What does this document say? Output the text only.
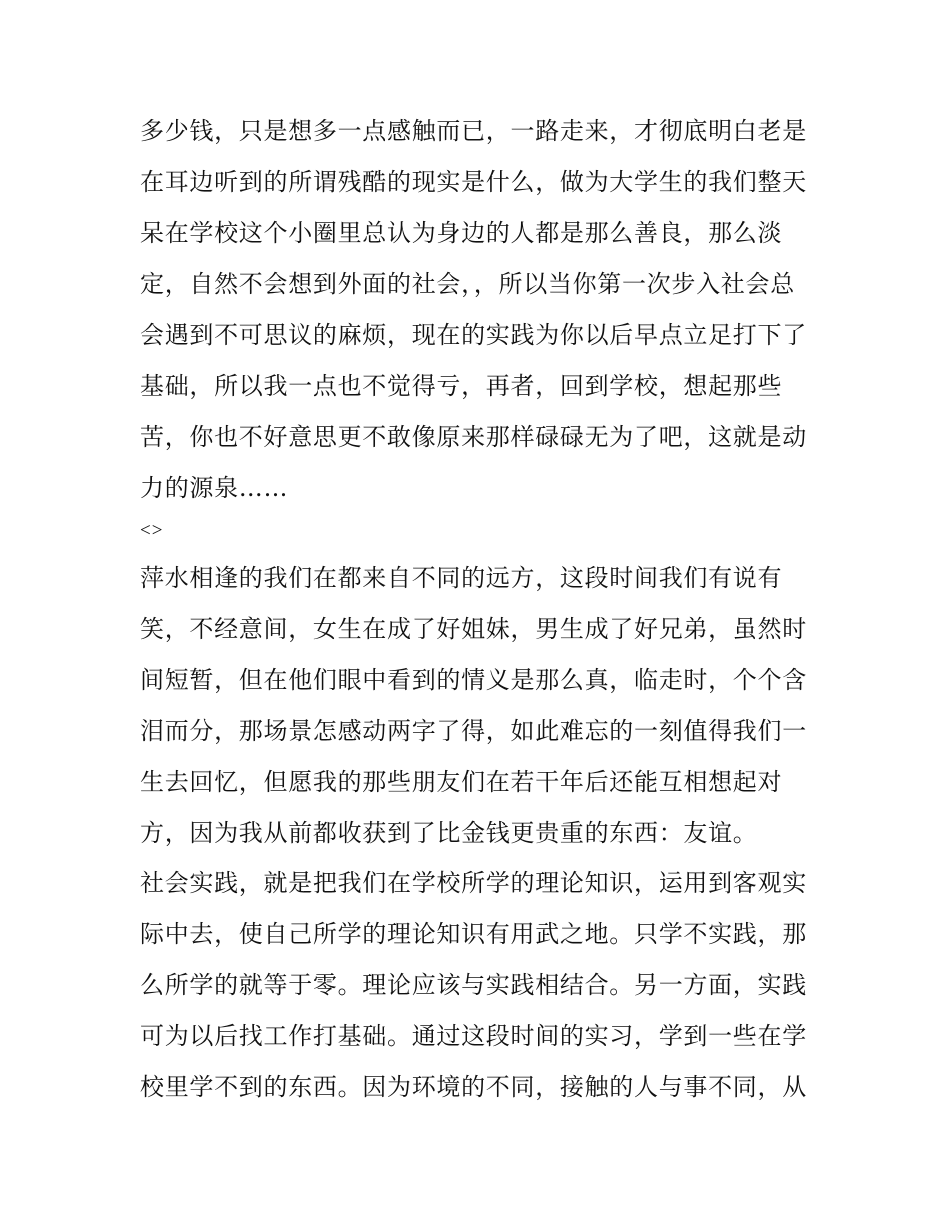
多少钱，只是想多一点感触而已，一路走来，才彻底明白老是
在耳边听到的所谓残酷的现实是什么，做为大学生的我们整天
呆在学校这个小圈里总认为身边的人都是那么善良，那么淡
定，自然不会想到外面的社会，，所以当你第一次步入社会总
会遇到不可思议的麻烦，现在的实践为你以后早点立足打下了
基础，所以我一点也不觉得亏，再者，回到学校，想起那些
苦，你也不好意思更不敢像原来那样碌碌无为了吧，这就是动
力的源泉……
<>
萍水相逢的我们在都来自不同的远方，这段时间我们有说有
笑，不经意间，女生在成了好姐妹，男生成了好兄弟，虽然时
间短暂，但在他们眼中看到的情义是那么真，临走时，个个含
泪而分，那场景怎感动两字了得，如此难忘的一刻值得我们一
生去回忆，但愿我的那些朋友们在若干年后还能互相想起对
方，因为我从前都收获到了比金钱更贵重的东西：友谊。
社会实践，就是把我们在学校所学的理论知识，运用到客观实
际中去，使自己所学的理论知识有用武之地。只学不实践，那
么所学的就等于零。理论应该与实践相结合。另一方面，实践
可为以后找工作打基础。通过这段时间的实习，学到一些在学
校里学不到的东西。因为环境的不同，接触的人与事不同，从
